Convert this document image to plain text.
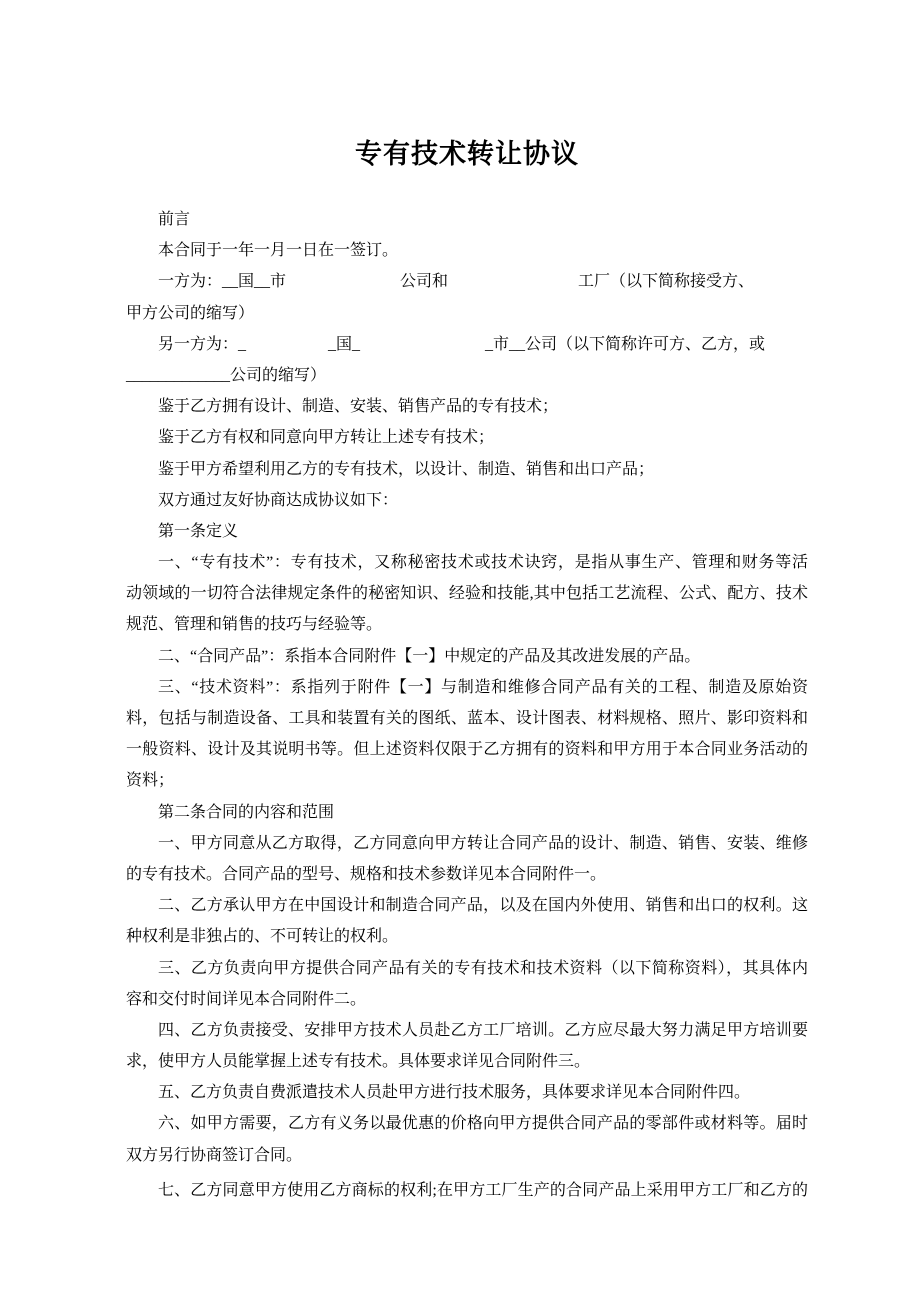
专有技术转让协议
前言
本合同于一年一月一日在一签订。
一方为：__国__市	公司和	工厂（以下简称接受方、
甲方公司的缩写）
另一方为：_	_国_	_市__公司（以下简称许可方、乙方，或
_____________公司的缩写）
鉴于乙方拥有设计、制造、安装、销售产品的专有技术；
鉴于乙方有权和同意向甲方转让上述专有技术；
鉴于甲方希望利用乙方的专有技术，以设计、制造、销售和出口产品；
双方通过友好协商达成协议如下：
第一条定义
一、“专有技术”：专有技术，又称秘密技术或技术诀窍，是指从事生产、管理和财务等活
动领域的一切符合法律规定条件的秘密知识、经验和技能,其中包括工艺流程、公式、配方、技术
规范、管理和销售的技巧与经验等。
二、“合同产品”：系指本合同附件【一】中规定的产品及其改进发展的产品。
三、“技术资料”：系指列于附件【一】与制造和维修合同产品有关的工程、制造及原始资
料，包括与制造设备、工具和装置有关的图纸、蓝本、设计图表、材料规格、照片、影印资料和
一般资料、设计及其说明书等。但上述资料仅限于乙方拥有的资料和甲方用于本合同业务活动的
资料；
第二条合同的内容和范围
一、甲方同意从乙方取得，乙方同意向甲方转让合同产品的设计、制造、销售、安装、维修
的专有技术。合同产品的型号、规格和技术参数详见本合同附件一。
二、乙方承认甲方在中国设计和制造合同产品，以及在国内外使用、销售和出口的权利。这
种权利是非独占的、不可转让的权利。
三、乙方负责向甲方提供合同产品有关的专有技术和技术资料（以下简称资料），其具体内
容和交付时间详见本合同附件二。
四、乙方负责接受、安排甲方技术人员赴乙方工厂培训。乙方应尽最大努力满足甲方培训要
求，使甲方人员能掌握上述专有技术。具体要求详见合同附件三。
五、乙方负责自费派遣技术人员赴甲方进行技术服务，具体要求详见本合同附件四。
六、如甲方需要，乙方有义务以最优惠的价格向甲方提供合同产品的零部件或材料等。届时
双方另行协商签订合同。
七、乙方同意甲方使用乙方商标的权利;在甲方工厂生产的合同产品上采用甲方工厂和乙方的
